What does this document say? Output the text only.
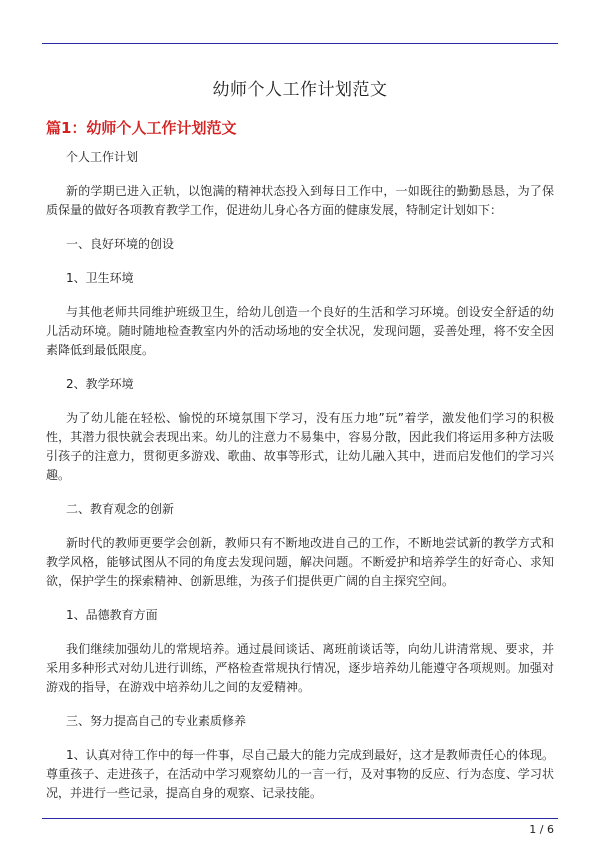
幼师个人工作计划范文
篇1：幼师个人工作计划范文
个人工作计划
新的学期已进入正轨，以饱满的精神状态投入到每日工作中，一如既往的勤勤恳恳，为了保质保量的做好各项教育教学工作，促进幼儿身心各方面的健康发展，特制定计划如下：
一、良好环境的创设
1、卫生环境
与其他老师共同维护班级卫生，给幼儿创造一个良好的生活和学习环境。创设安全舒适的幼儿活动环境。随时随地检查教室内外的活动场地的安全状况，发现问题，妥善处理，将不安全因素降低到最低限度。
2、教学环境
为了幼儿能在轻松、愉悦的环境氛围下学习，没有压力地”玩”着学，激发他们学习的积极性，其潜力很快就会表现出来。幼儿的注意力不易集中，容易分散，因此我们将运用多种方法吸引孩子的注意力，贯彻更多游戏、歌曲、故事等形式，让幼儿融入其中，进而启发他们的学习兴趣。
二、教育观念的创新
新时代的教师更要学会创新，教师只有不断地改进自己的工作，不断地尝试新的教学方式和教学风格，能够试图从不同的角度去发现问题，解决问题。不断爱护和培养学生的好奇心、求知欲，保护学生的探索精神、创新思维，为孩子们提供更广阔的自主探究空间。
1、品德教育方面
我们继续加强幼儿的常规培养。通过晨间谈话、离班前谈话等，向幼儿讲清常规、要求，并采用多种形式对幼儿进行训练，严格检查常规执行情况，逐步培养幼儿能遵守各项规则。加强对游戏的指导，在游戏中培养幼儿之间的友爱精神。
三、努力提高自己的专业素质修养
1、认真对待工作中的每一件事，尽自己最大的能力完成到最好，这才是教师责任心的体现。尊重孩子、走进孩子，在活动中学习观察幼儿的一言一行，及对事物的反应、行为态度、学习状况，并进行一些记录，提高自身的观察、记录技能。
1 / 6
